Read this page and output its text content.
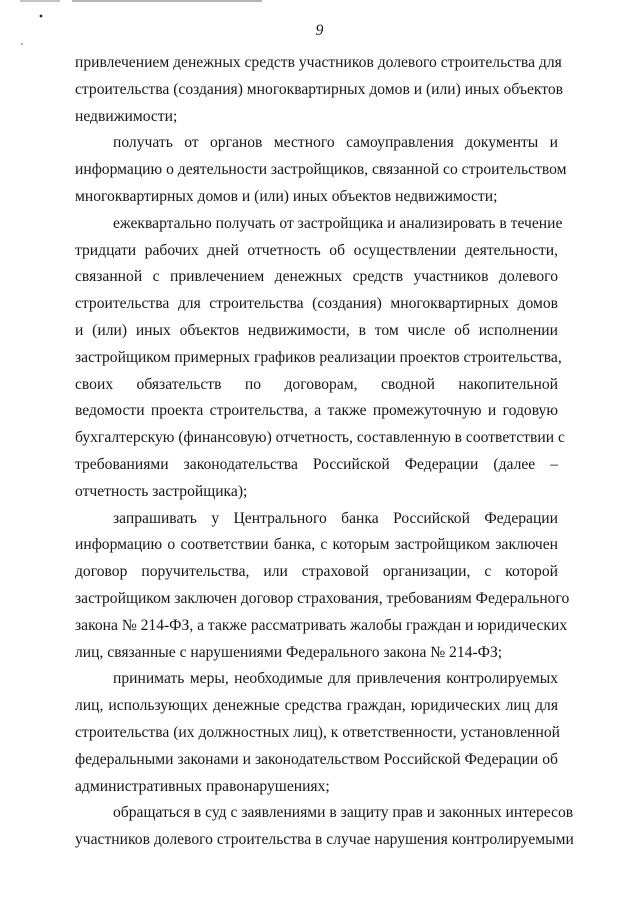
9
привлечением денежных средств участников долевого строительства для
строительства (создания) многоквартирных домов и (или) иных объектов
недвижимости;
получать от органов местного самоуправления документы и
информацию о деятельности застройщиков, связанной со строительством
многоквартирных домов и (или) иных объектов недвижимости;
ежеквартально получать от застройщика и анализировать в течение
тридцати рабочих дней отчетность об осуществлении деятельности,
связанной с привлечением денежных средств участников долевого
строительства для строительства (создания) многоквартирных домов
и (или) иных объектов недвижимости, в том числе об исполнении
застройщиком примерных графиков реализации проектов строительства,
своих обязательств по договорам, сводной накопительной
ведомости проекта строительства, а также промежуточную и годовую
бухгалтерскую (финансовую) отчетность, составленную в соответствии с
требованиями законодательства Российской Федерации (далее –
отчетность застройщика);
запрашивать у Центрального банка Российской Федерации
информацию о соответствии банка, с которым застройщиком заключен
договор поручительства, или страховой организации, с которой
застройщиком заключен договор страхования, требованиям Федерального
закона № 214-ФЗ, а также рассматривать жалобы граждан и юридических
лиц, связанные с нарушениями Федерального закона № 214-ФЗ;
принимать меры, необходимые для привлечения контролируемых
лиц, использующих денежные средства граждан, юридических лиц для
строительства (их должностных лиц), к ответственности, установленной
федеральными законами и законодательством Российской Федерации об
административных правонарушениях;
обращаться в суд с заявлениями в защиту прав и законных интересов
участников долевого строительства в случае нарушения контролируемыми
